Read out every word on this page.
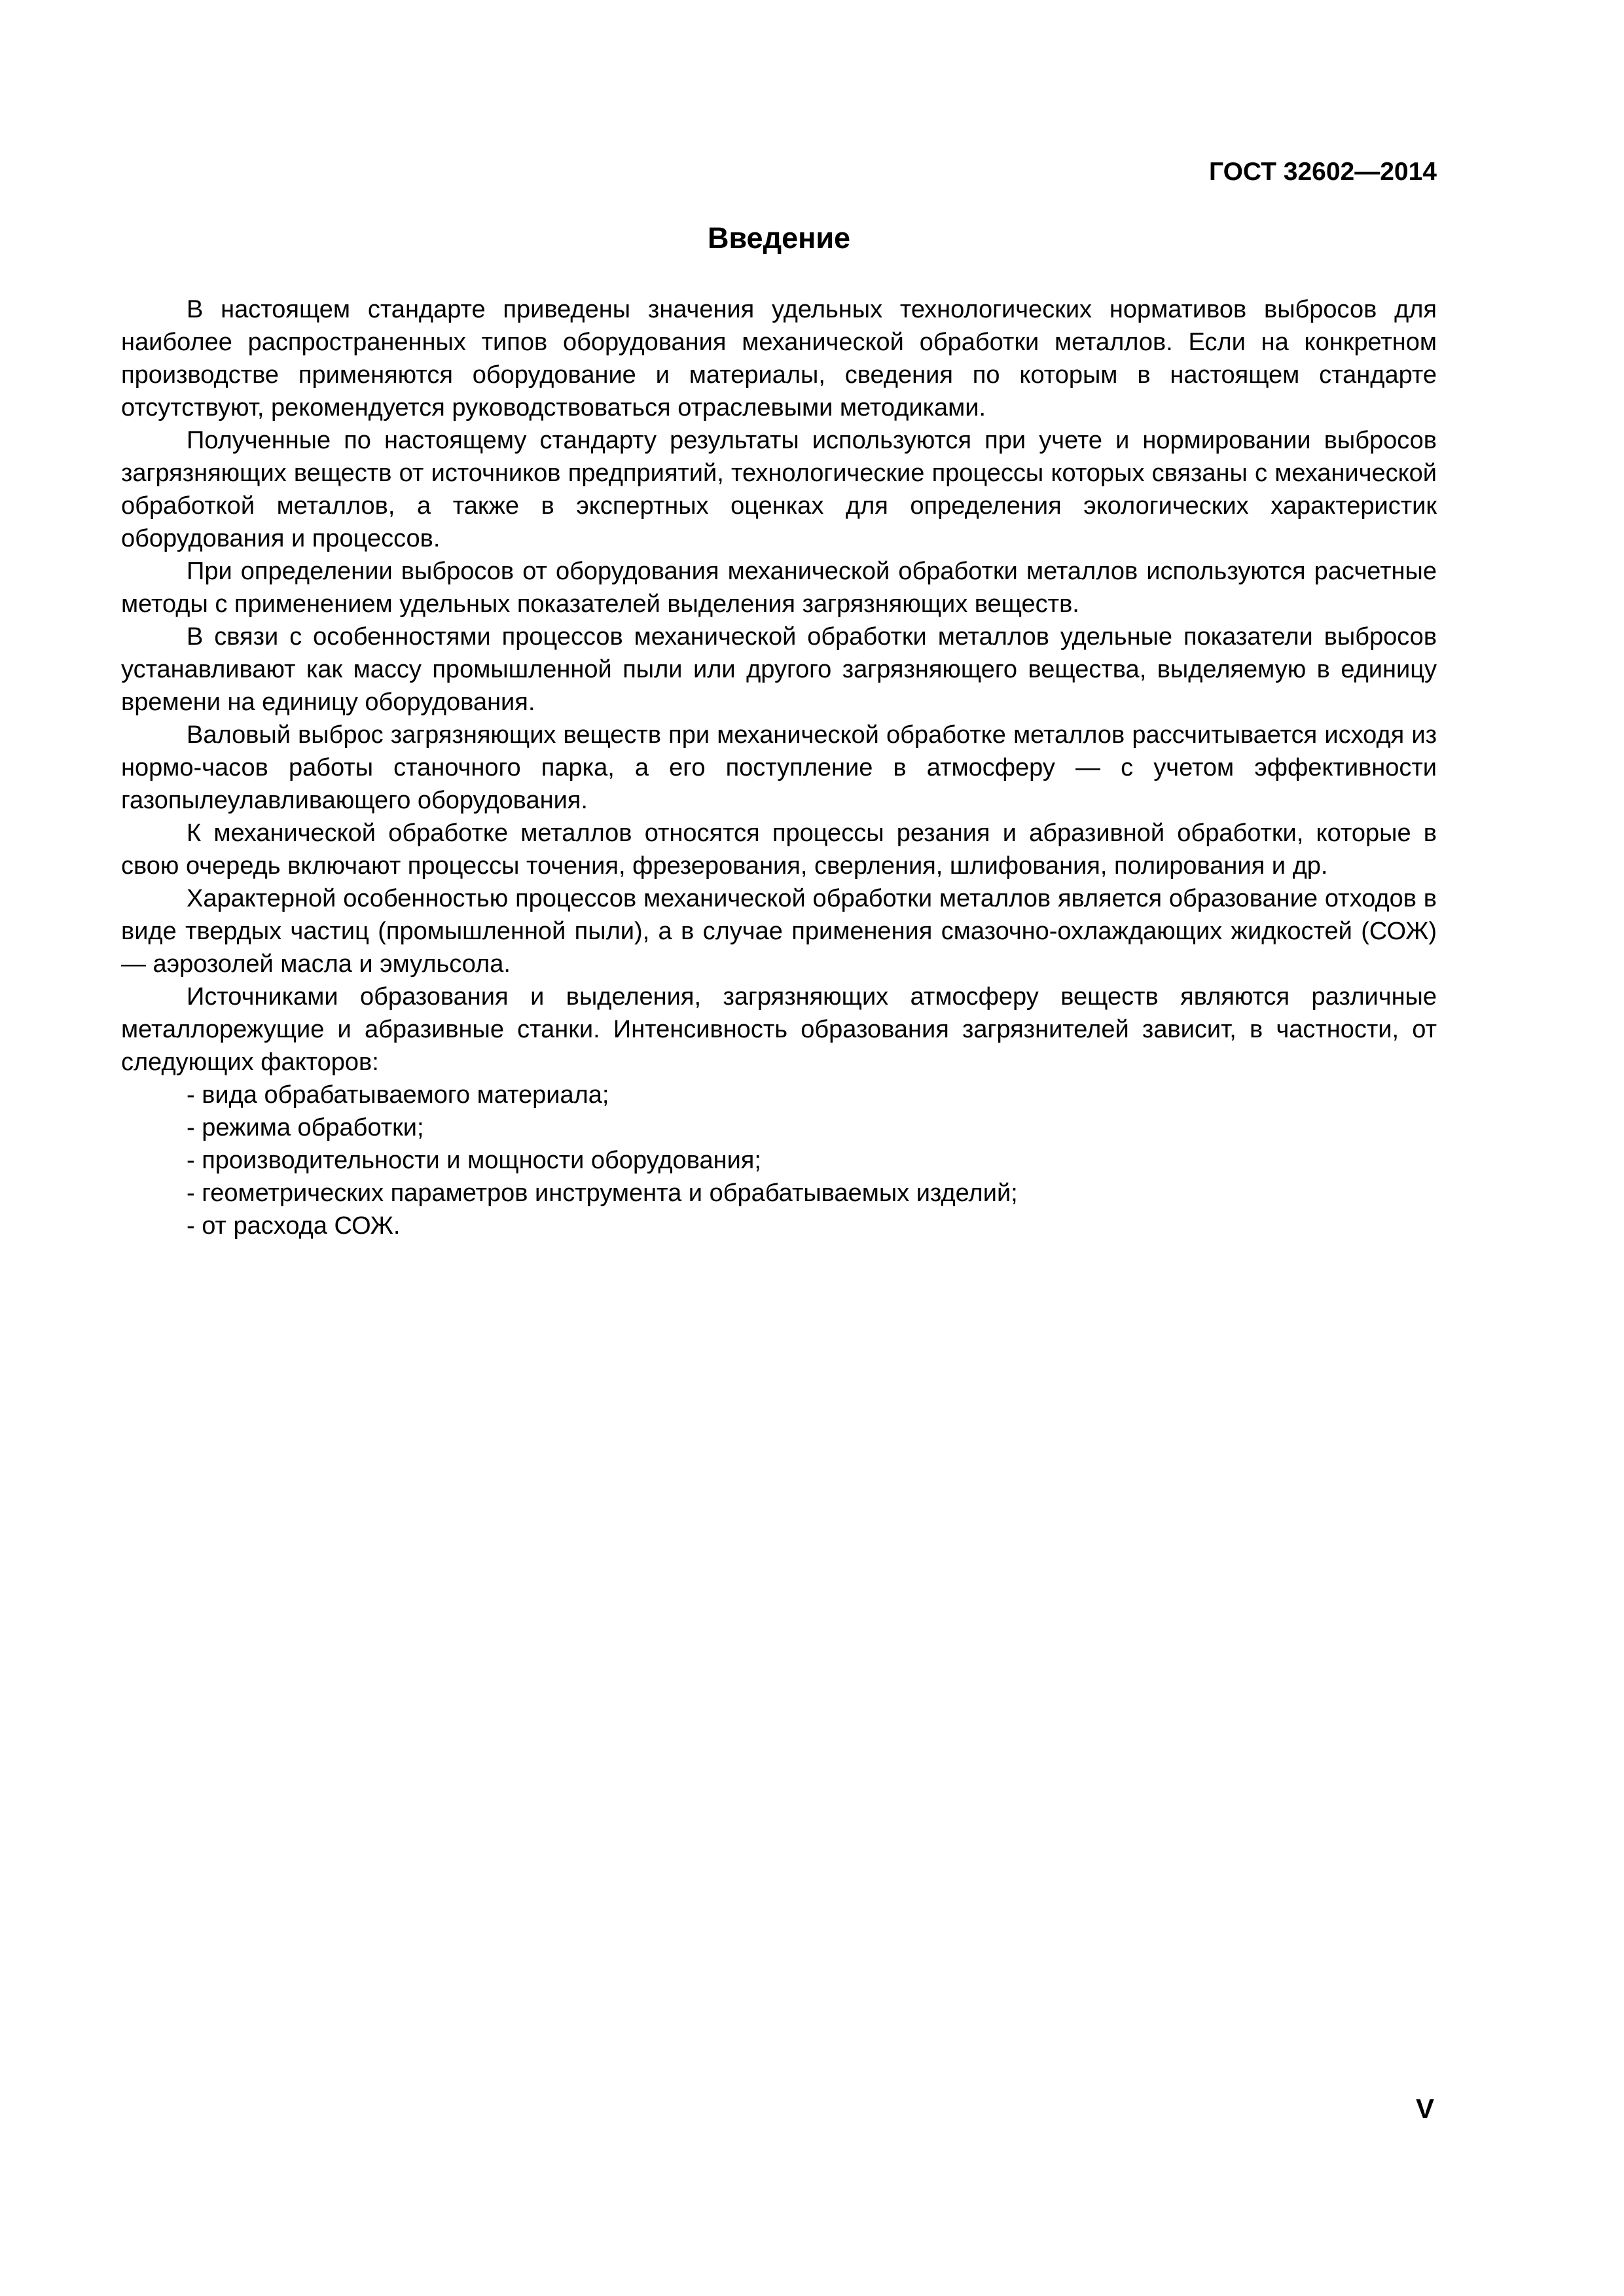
ГОСТ 32602—2014
Введение

В настоящем стандарте приведены значения удельных технологических нормативов выбросов для наиболее распространенных типов оборудования механической обработки металлов. Если на конкретном производстве применяются оборудование и материалы, сведения по которым в настоящем стандарте отсутствуют, рекомендуется руководствоваться отраслевыми методиками.

Полученные по настоящему стандарту результаты используются при учете и нормировании выбросов загрязняющих веществ от источников предприятий, технологические процессы которых связаны с механической обработкой металлов, а также в экспертных оценках для определения экологических характеристик оборудования и процессов.

При определении выбросов от оборудования механической обработки металлов используются расчетные методы с применением удельных показателей выделения загрязняющих веществ.

В связи с особенностями процессов механической обработки металлов удельные показатели выбросов устанавливают как массу промышленной пыли или другого загрязняющего вещества, выделяемую в единицу времени на единицу оборудования.

Валовый выброс загрязняющих веществ при механической обработке металлов рассчитывается исходя из нормо-часов работы станочного парка, а его поступление в атмосферу — с учетом эффективности газопылеулавливающего оборудования.

К механической обработке металлов относятся процессы резания и абразивной обработки, которые в свою очередь включают процессы точения, фрезерования, сверления, шлифования, полирования и др.

Характерной особенностью процессов механической обработки металлов является образование отходов в виде твердых частиц (промышленной пыли), а в случае применения смазочно-охлаждающих жидкостей (СОЖ) — аэрозолей масла и эмульсола.

Источниками образования и выделения, загрязняющих атмосферу веществ являются различные металлорежущие и абразивные станки. Интенсивность образования загрязнителей зависит, в частности, от следующих факторов:

- вида обрабатываемого материала;

- режима обработки;

- производительности и мощности оборудования;

- геометрических параметров инструмента и обрабатываемых изделий;

- от расхода СОЖ.

V
